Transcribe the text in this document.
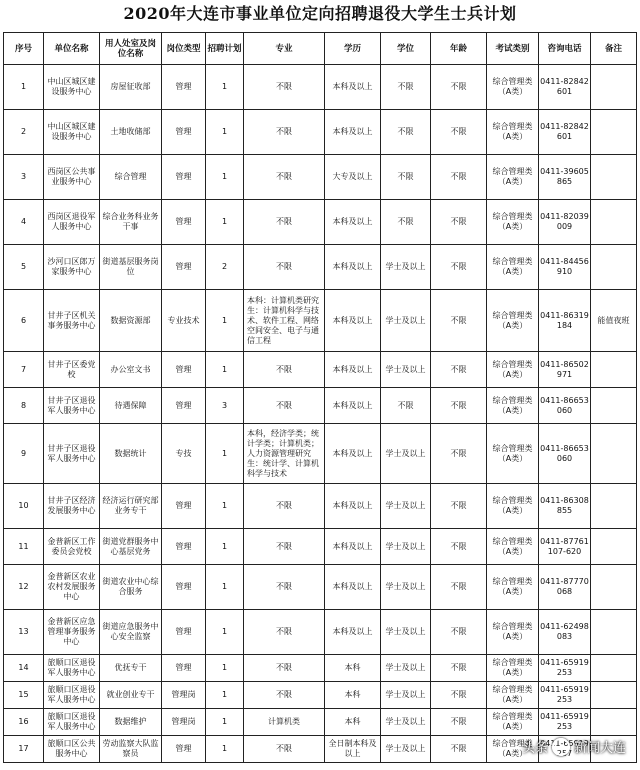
2020年大连市事业单位定向招聘退役大学生士兵计划
序号	单位名称	用人处室及岗位名称	岗位类型	招聘计划	专业	学历	学位	年龄	考试类别	咨询电话	备注
1	中山区城区建设服务中心	房屋征收部	管理	1	不限	本科及以上	不限	不限	综合管理类（A类）	0411-82842601	
2	中山区城区建设服务中心	土地收储部	管理	1	不限	本科及以上	不限	不限	综合管理类（A类）	0411-82842601	
3	西岗区公共事业服务中心	综合管理	管理	1	不限	大专及以上	不限	不限	综合管理类（A类）	0411-39605865	
4	西岗区退役军人服务中心	综合业务科业务干事	管理	1	不限	本科及以上	不限	不限	综合管理类（A类）	0411-82039009	
5	沙河口区郎万家服务中心	街道基层服务岗位	管理	2	不限	本科及以上	学士及以上	不限	综合管理类（A类）	0411-84456910	
6	甘井子区机关事务服务中心	数据资源部	专业技术	1	本科：计算机类研究生：计算机科学与技术、软件工程、网络空间安全、电子与通信工程	本科及以上	学士及以上	不限	综合管理类（A类）	0411-86319184	能值夜班
7	甘井子区委党校	办公室文书	管理	1	不限	本科及以上	学士及以上	不限	综合管理类（A类）	0411-86502971	
8	甘井子区退役军人服务中心	待遇保障	管理	3	不限	本科及以上	不限	不限	综合管理类（A类）	0411-86653060	
9	甘井子区退役军人服务中心	数据统计	专技	1	本科，经济学类；统计学类；计算机类；人力资源管理研究生：统计学、计算机科学与技术	本科及以上	学士及以上	不限	综合管理类（A类）	0411-86653060	
10	甘井子区经济发展服务中心	经济运行研究部业务专干	管理	1	不限	本科及以上	学士及以上	不限	综合管理类（A类）	0411-86308855	
11	金普新区工作委员会党校	街道党群服务中心基层党务	管理	1	不限	本科及以上	学士及以上	不限	综合管理类（A类）	0411-87761107-620	
12	金普新区农业农村发展服务中心	街道农业中心综合服务	管理	1	不限	本科及以上	学士及以上	不限	综合管理类（A类）	0411-87770068	
13	金普新区应急管理事务服务中心	街道应急服务中心安全监察	管理	1	不限	本科及以上	学士及以上	不限	综合管理类（A类）	0411-62498083	
14	旅顺口区退役军人服务中心	优抚专干	管理	1	不限	本科	学士及以上	不限	综合管理类（A类）	0411-65919253	
15	旅顺口区退役军人服务中心	就业创业专干	管理岗	1	不限	本科	学士及以上	不限	综合管理类（A类）	0411-65919253	
16	旅顺口区退役军人服务中心	数据维护	管理岗	1	计算机类	本科	学士及以上	不限	综合管理类（A类）	0411-65919253	
17	旅顺口区公共服务中心	劳动监察大队监察员	管理	1	不限	全日制本科及以上	学士及以上	不限	综合管理类（A类）	0411-65919257	
头条 新闻大连
